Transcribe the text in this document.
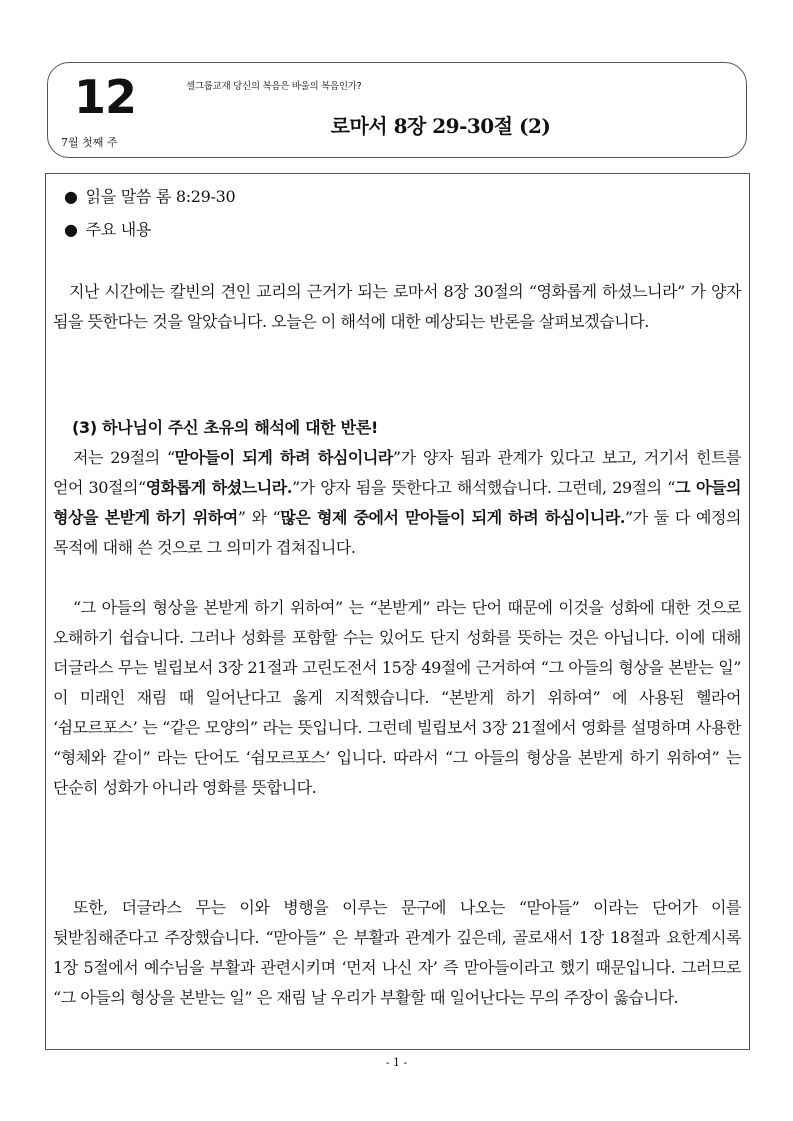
12
7월 첫째 주
셀그룹교재 당신의 복음은 바울의 복음인가?
로마서 8장 29-30절 (2)
● 읽을 말씀 롬 8:29-30
● 주요 내용
지난 시간에는 칼빈의 견인 교리의 근거가 되는 로마서 8장 30절의 “영화롭게 하셨느니라” 가 양자 됨을 뜻한다는 것을 알았습니다. 오늘은 이 해석에 대한 예상되는 반론을 살펴보겠습니다.
(3) 하나님이 주신 초유의 해석에 대한 반론!
저는 29절의 “맏아들이 되게 하려 하심이니라”가 양자 됨과 관계가 있다고 보고, 거기서 힌트를 얻어 30절의“영화롭게 하셨느니라.”가 양자 됨을 뜻한다고 해석했습니다. 그런데, 29절의 “그 아들의 형상을 본받게 하기 위하여” 와 “많은 형제 중에서 맏아들이 되게 하려 하심이니라.”가 둘 다 예정의 목적에 대해 쓴 것으로 그 의미가 겹쳐집니다.
“그 아들의 형상을 본받게 하기 위하여” 는 “본받게” 라는 단어 때문에 이것을 성화에 대한 것으로 오해하기 쉽습니다. 그러나 성화를 포함할 수는 있어도 단지 성화를 뜻하는 것은 아닙니다. 이에 대해 더글라스 무는 빌립보서 3장 21절과 고린도전서 15장 49절에 근거하여 “그 아들의 형상을 본받는 일” 이 미래인 재림 때 일어난다고 옳게 지적했습니다. “본받게 하기 위하여” 에 사용된 헬라어 ‘쉼모르포스’ 는 “같은 모양의” 라는 뜻입니다. 그런데 빌립보서 3장 21절에서 영화를 설명하며 사용한 “형체와 같이” 라는 단어도 ‘쉼모르포스’ 입니다. 따라서 “그 아들의 형상을 본받게 하기 위하여” 는 단순히 성화가 아니라 영화를 뜻합니다.
또한, 더글라스 무는 이와 병행을 이루는 문구에 나오는 “맏아들” 이라는 단어가 이를 뒷받침해준다고 주장했습니다. “맏아들” 은 부활과 관계가 깊은데, 골로새서 1장 18절과 요한계시록 1장 5절에서 예수님을 부활과 관련시키며 ‘먼저 나신 자’ 즉 맏아들이라고 했기 때문입니다. 그러므로 “그 아들의 형상을 본받는 일” 은 재림 날 우리가 부활할 때 일어난다는 무의 주장이 옳습니다.
- 1 -
